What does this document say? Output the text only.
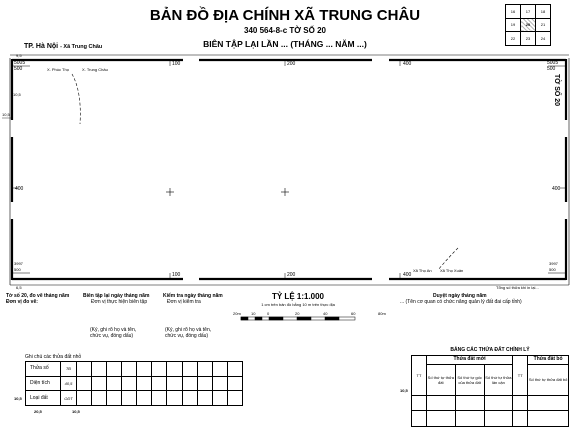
BẢN ĐỒ ĐỊA CHÍNH XÃ TRUNG CHÂU
340 564-8-c TỜ SỐ 20
BIÊN TẬP LẠI LẦN ... (THÁNG ... NĂM ...)
TP. Hà Nội - Xã Trung Châu
16	17	18
19	20	21
22	23	24
9,5
5005
500
100	200	400	5005
500
10,5
10,5
400	400
3997
500
100	200	400
3997
500
6,5
X. Phúc Thọ	X. Trung Châu
Xã Thọ An Xã Thọ Xuân
Tổng số thửa khi in lại...
TỜ SỐ 20
Tờ số 20, đo vẽ tháng năm
Đơn vị đo vẽ:
Biên tập lại ngày tháng năm
Đơn vị thực hiện biên tập
Kiểm tra ngày tháng năm
Đơn vị kiểm tra
Duyệt ngày tháng năm
... (Tên cơ quan có chức năng quản lý đất đai cấp tỉnh)
(Ký, ghi rõ họ và tên,
chức vụ, đóng dấu)
(Ký, ghi rõ họ và tên,
chức vụ, đóng dấu)
TỶ LỆ 1:1.000
1 cm trên bản đồ bằng 10 m trên thực địa
20m	10	0	20	40	60	80m
Ghi chú các thửa đất nhỏ
Thửa số	TĐ											
Diện tích	40,5											
Loại đất	ODT											
10,5
20,5	10,5
BẢNG CÁC THỬA ĐẤT CHỈNH LÝ
TT	Thửa đất mới			TT	Thửa đất bỏ
	Số thứ tự thửa đất	Số thứ tự gốc của thửa đất	Số thứ tự thửa lân cận		Số thứ tự thửa đất bỏ

10,5
